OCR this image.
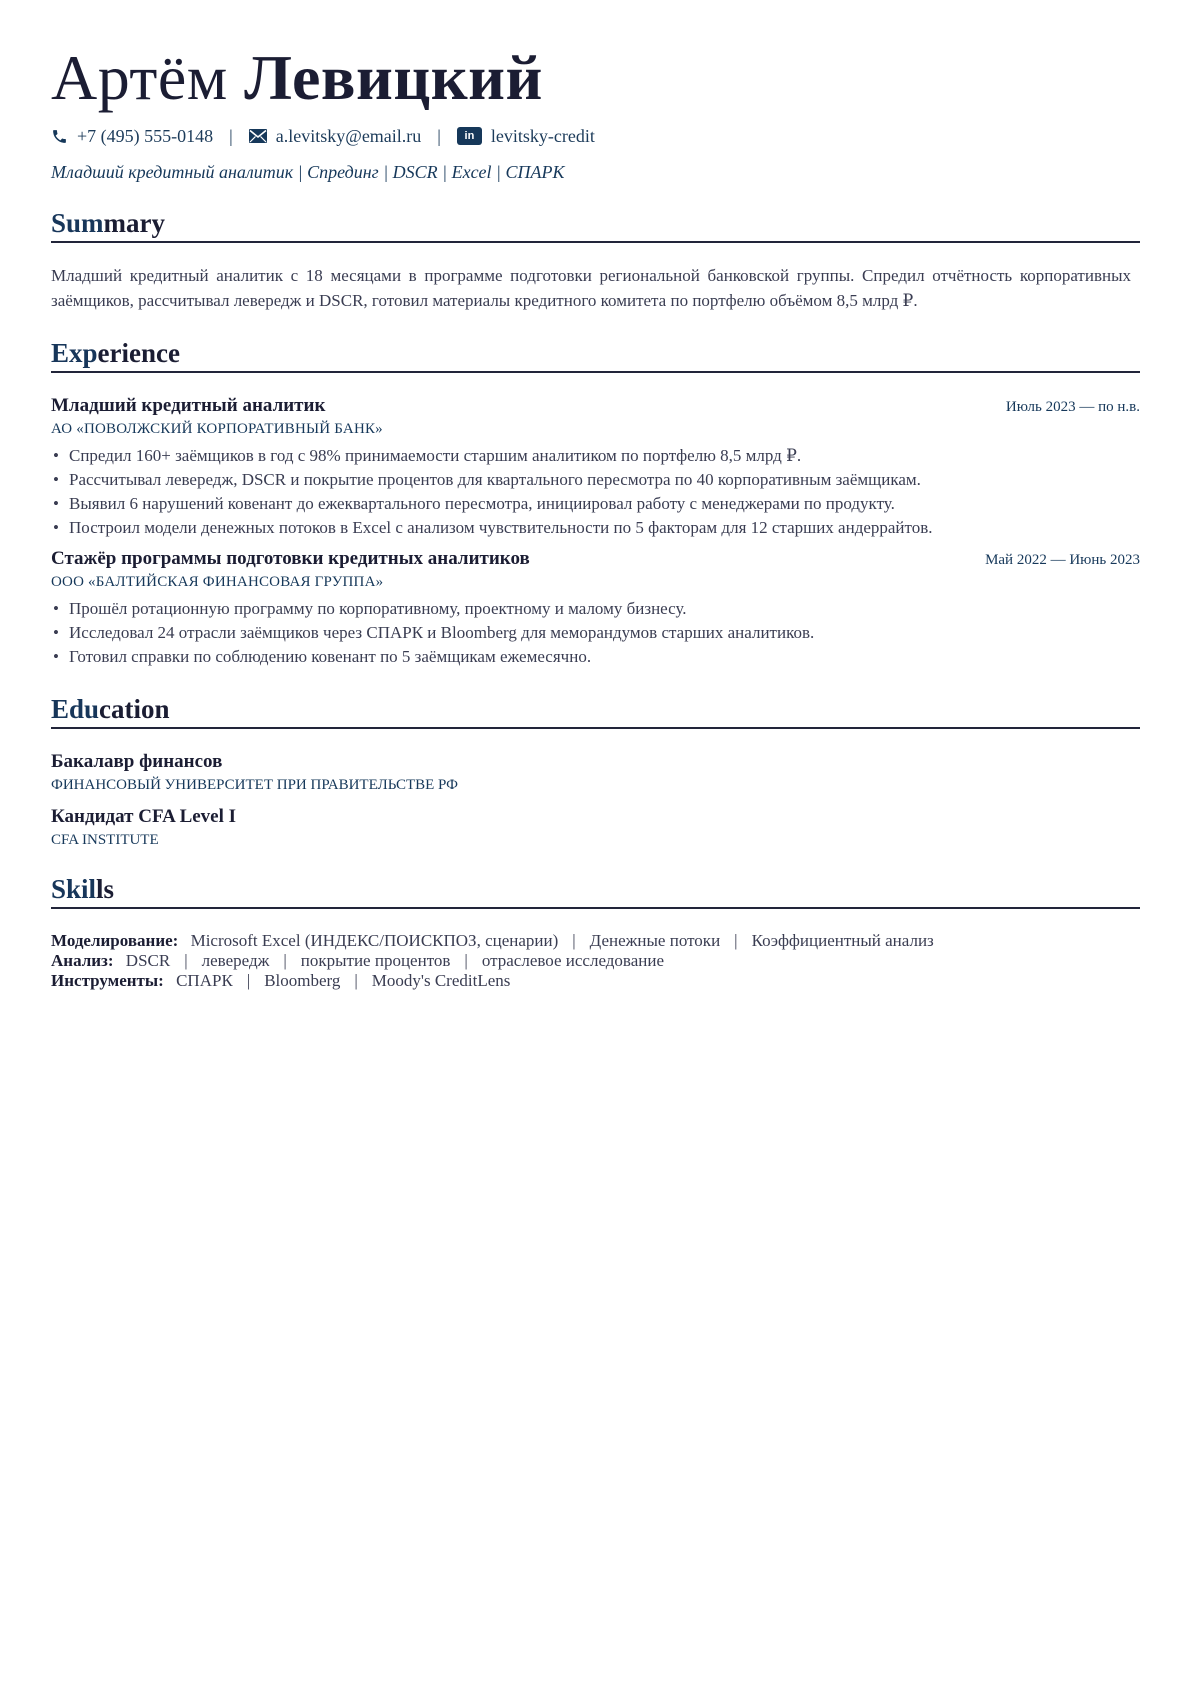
Артём Левицкий
+7 (495) 555-0148 | a.levitsky@email.ru |	in levitsky-credit
Младший кредитный аналитик | Спрединг | DSCR | Excel | СПАРК
Summary
Младший кредитный аналитик с 18 месяцами в программе подготовки региональной банковской группы. Спредил отчётность корпоративных заёмщиков, рассчитывал левередж и DSCR, готовил материалы кредитного комитета по портфелю объёмом 8,5 млрд ₽.
Experience
Младший кредитный аналитик	Июль 2023 — по н.в.
АО «ПОВОЛЖСКИЙ КОРПОРАТИВНЫЙ БАНК»
• Спредил 160+ заёмщиков в год с 98% принимаемости старшим аналитиком по портфелю 8,5 млрд ₽.
• Рассчитывал левередж, DSCR и покрытие процентов для квартального пересмотра по 40 корпоративным заёмщикам.
• Выявил 6 нарушений ковенант до ежеквартального пересмотра, инициировал работу с менеджерами по продукту.
• Построил модели денежных потоков в Excel с анализом чувствительности по 5 факторам для 12 старших андеррайтов.
Стажёр программы подготовки кредитных аналитиков	Май 2022 — Июнь 2023
ООО «БАЛТИЙСКАЯ ФИНАНСОВАЯ ГРУППА»
• Прошёл ротационную программу по корпоративному, проектному и малому бизнесу.
• Исследовал 24 отрасли заёмщиков через СПАРК и Bloomberg для меморандумов старших аналитиков.
• Готовил справки по соблюдению ковенант по 5 заёмщикам ежемесячно.
Education
Бакалавр финансов
ФИНАНСОВЫЙ УНИВЕРСИТЕТ ПРИ ПРАВИТЕЛЬСТВЕ РФ
Кандидат CFA Level I
CFA INSTITUTE
Skills
Моделирование: Microsoft Excel (ИНДЕКС/ПОИСКПОЗ, сценарии) | Денежные потоки | Коэффициентный анализ
Анализ: DSCR | левередж | покрытие процентов | отраслевое исследование
Инструменты: СПАРК | Bloomberg | Moody's CreditLens
